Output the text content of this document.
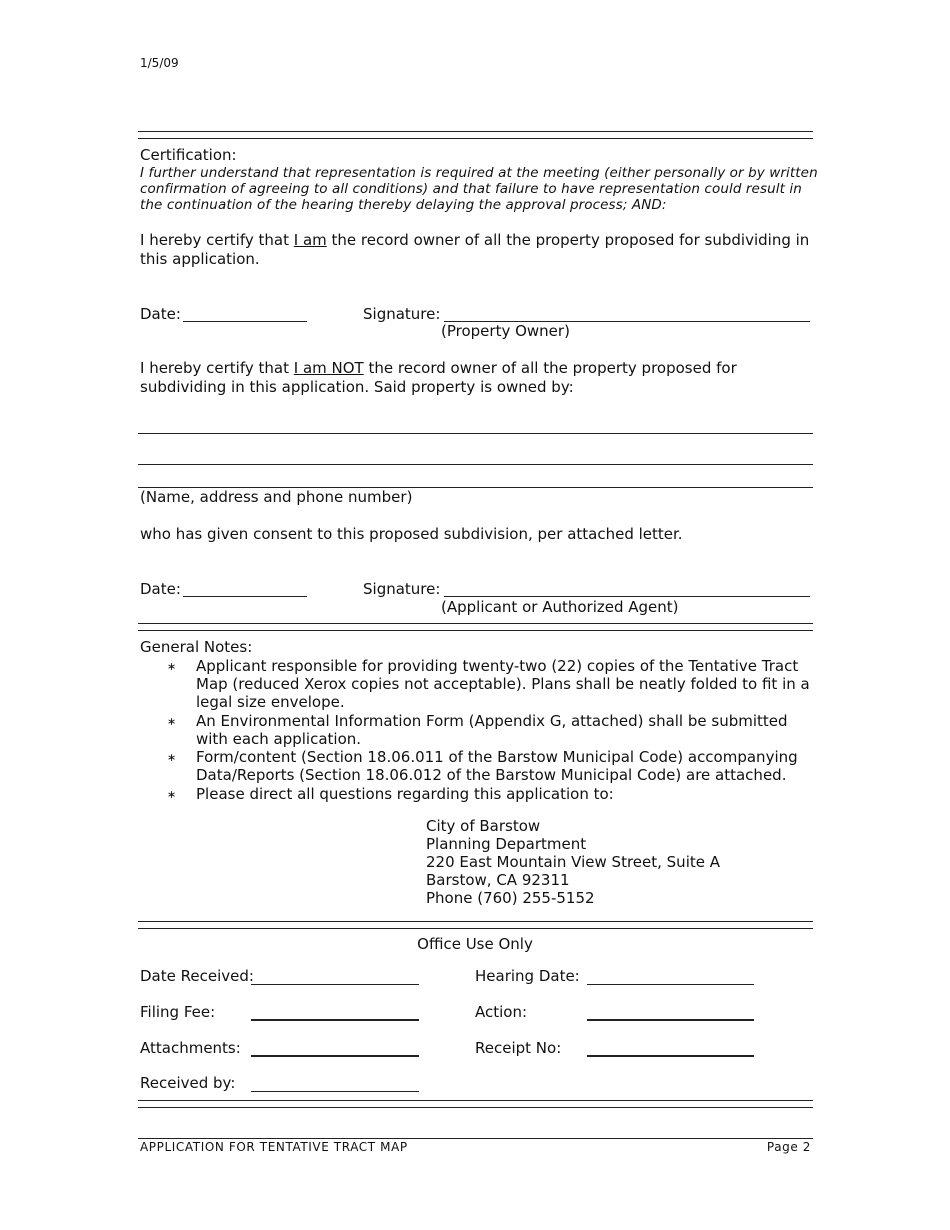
1/5/09
Certification:
I further understand that representation is required at the meeting (either personally or by written confirmation of agreeing to all conditions) and that failure to have representation could result in the continuation of the hearing thereby delaying the approval process; AND:
I hereby certify that I am the record owner of all the property proposed for subdividing in
this application.
Date:	Signature:
(Property Owner)
I hereby certify that I am NOT the record owner of all the property proposed for
subdividing in this application. Said property is owned by:
(Name, address and phone number)
who has given consent to this proposed subdivision, per attached letter.
Date:	Signature:
(Applicant or Authorized Agent)
General Notes:
∗ Applicant responsible for providing twenty-two (22) copies of the Tentative Tract Map (reduced Xerox copies not acceptable). Plans shall be neatly folded to fit in a legal size envelope.
∗ An Environmental Information Form (Appendix G, attached) shall be submitted with each application.
∗ Form/content (Section 18.06.011 of the Barstow Municipal Code) accompanying Data/Reports (Section 18.06.012 of the Barstow Municipal Code) are attached.
∗ Please direct all questions regarding this application to:
City of Barstow
Planning Department
220 East Mountain View Street, Suite A
Barstow, CA 92311
Phone (760) 255-5152
Office Use Only
Date Received:	Hearing Date:
Filing Fee:	Action:
Attachments:	Receipt No:
Received by:
APPLICATION FOR TENTATIVE TRACT MAP	Page 2
